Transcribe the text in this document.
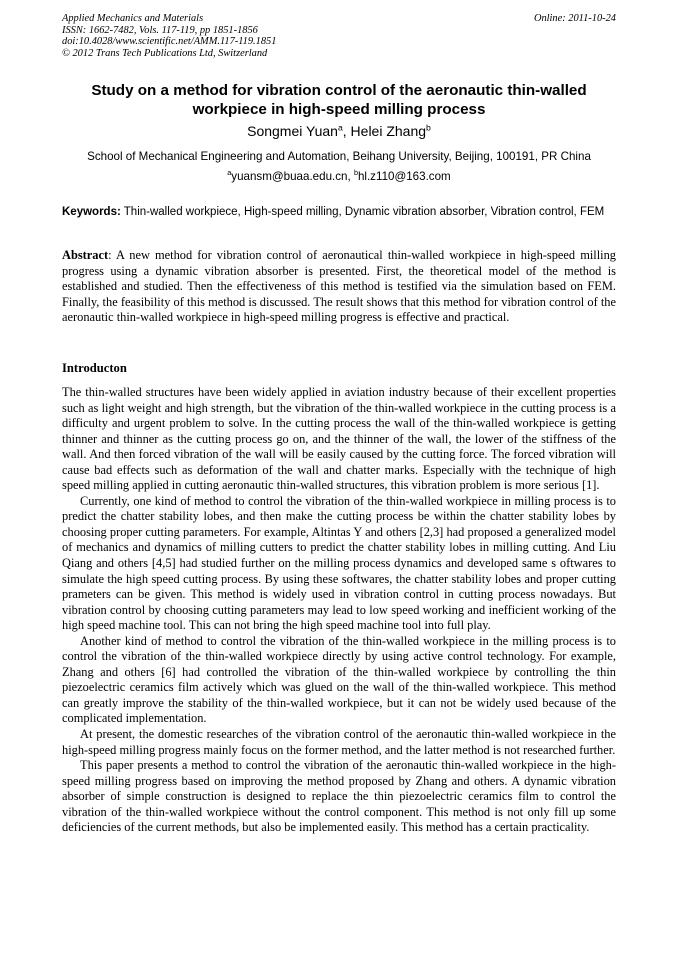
Applied Mechanics and Materials
ISSN: 1662-7482, Vols. 117-119, pp 1851-1856
doi:10.4028/www.scientific.net/AMM.117-119.1851
© 2012 Trans Tech Publications Ltd, Switzerland
Online: 2011-10-24
Study on a method for vibration control of the aeronautic thin-walled workpiece in high-speed milling process
Songmei Yuan$^a$, Helei Zhang$^b$
School of Mechanical Engineering and Automation, Beihang University, Beijing, 100191, PR China
$^a$yuansm@buaa.edu.cn, $^b$hl.z110@163.com
Keywords: Thin-walled workpiece, High-speed milling, Dynamic vibration absorber, Vibration control, FEM
Abstract: A new method for vibration control of aeronautical thin-walled workpiece in high-speed milling progress using a dynamic vibration absorber is presented. First, the theoretical model of the method is established and studied. Then the effectiveness of this method is testified via the simulation based on FEM. Finally, the feasibility of this method is discussed. The result shows that this method for vibration control of the aeronautic thin-walled workpiece in high-speed milling progress is effective and practical.
Introducton

The thin-walled structures have been widely applied in aviation industry because of their excellent properties such as light weight and high strength, but the vibration of the thin-walled workpiece in the cutting process is a difficulty and urgent problem to solve. In the cutting process the wall of the thin-walled workpiece is getting thinner and thinner as the cutting process go on, and the thinner of the wall, the lower of the stiffness of the wall. And then forced vibration of the wall will be easily caused by the cutting force. The forced vibration will cause bad effects such as deformation of the wall and chatter marks. Especially with the technique of high speed milling applied in cutting aeronautic thin-walled structures, this vibration problem is more serious [1].

Currently, one kind of method to control the vibration of the thin-walled workpiece in milling process is to predict the chatter stability lobes, and then make the cutting process be within the chatter stability lobes by choosing proper cutting parameters. For example, Altintas Y and others [2,3] had proposed a generalized model of mechanics and dynamics of milling cutters to predict the chatter stability lobes in milling cutting. And Liu Qiang and others [4,5] had studied further on the milling process dynamics and developed same s oftwares to simulate the high speed cutting process. By using these softwares, the chatter stability lobes and proper cutting prameters can be given. This method is widely used in vibration control in cutting process nowadays. But vibration control by choosing cutting parameters may lead to low speed working and inefficient working of the high speed machine tool. This can not bring the high speed machine tool into full play.

Another kind of method to control the vibration of the thin-walled workpiece in the milling process is to control the vibration of the thin-walled workpiece directly by using active control technology. For example, Zhang and others [6] had controlled the vibration of the thin-walled workpiece by controlling the thin piezoelectric ceramics film actively which was glued on the wall of the thin-walled workpiece. This method can greatly improve the stability of the thin-walled workpiece, but it can not be widely used because of the complicated implementation.

At present, the domestic researches of the vibration control of the aeronautic thin-walled workpiece in the high-speed milling progress mainly focus on the former method, and the latter method is not researched further.

This paper presents a method to control the vibration of the aeronautic thin-walled workpiece in the high-speed milling progress based on improving the method proposed by Zhang and others. A dynamic vibration absorber of simple construction is designed to replace the thin piezoelectric ceramics film to control the vibration of the thin-walled workpiece without the control component. This method is not only fill up some deficiencies of the current methods, but also be implemented easily. This method has a certain practicality.
